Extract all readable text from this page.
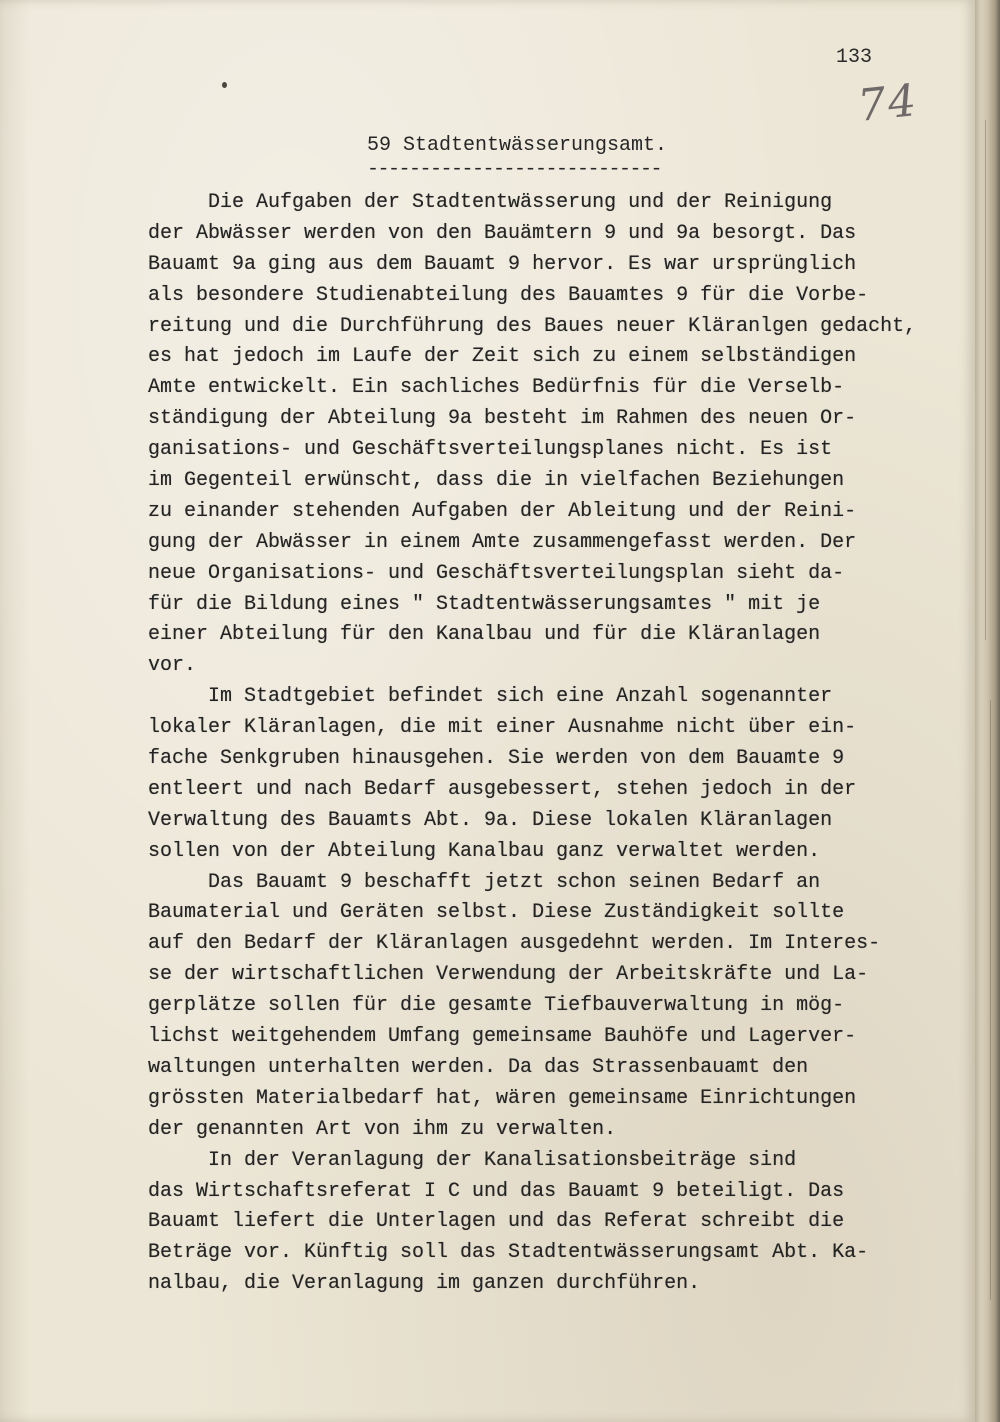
133
74
59 Stadtentwässerungsamt.
----------------------------
Die Aufgaben der Stadtentwässerung und der Reinigung
der Abwässer werden von den Bauämtern 9 und 9a besorgt. Das
Bauamt 9a ging aus dem Bauamt 9 hervor. Es war ursprünglich
als besondere Studienabteilung des Bauamtes 9 für die Vorbe-
reitung und die Durchführung des Baues neuer Kläranlgen gedacht,
es hat jedoch im Laufe der Zeit sich zu einem selbständigen
Amte entwickelt. Ein sachliches Bedürfnis für die Verselb-
ständigung der Abteilung 9a besteht im Rahmen des neuen Or-
ganisations- und Geschäftsverteilungsplanes nicht. Es ist
im Gegenteil erwünscht, dass die in vielfachen Beziehungen
zu einander stehenden Aufgaben der Ableitung und der Reini-
gung der Abwässer in einem Amte zusammengefasst werden. Der
neue Organisations- und Geschäftsverteilungsplan sieht da-
für die Bildung eines " Stadtentwässerungsamtes " mit je
einer Abteilung für den Kanalbau und für die Kläranlagen
vor.
Im Stadtgebiet befindet sich eine Anzahl sogenannter
lokaler Kläranlagen, die mit einer Ausnahme nicht über ein-
fache Senkgruben hinausgehen. Sie werden von dem Bauamte 9
entleert und nach Bedarf ausgebessert, stehen jedoch in der
Verwaltung des Bauamts Abt. 9a. Diese lokalen Kläranlagen
sollen von der Abteilung Kanalbau ganz verwaltet werden.
Das Bauamt 9 beschafft jetzt schon seinen Bedarf an
Baumaterial und Geräten selbst. Diese Zuständigkeit sollte
auf den Bedarf der Kläranlagen ausgedehnt werden. Im Interes-
se der wirtschaftlichen Verwendung der Arbeitskräfte und La-
gerplätze sollen für die gesamte Tiefbauverwaltung in mög-
lichst weitgehendem Umfang gemeinsame Bauhöfe und Lagerver-
waltungen unterhalten werden. Da das Strassenbauamt den
grössten Materialbedarf hat, wären gemeinsame Einrichtungen
der genannten Art von ihm zu verwalten.
In der Veranlagung der Kanalisationsbeiträge sind
das Wirtschaftsreferat I C und das Bauamt 9 beteiligt. Das
Bauamt liefert die Unterlagen und das Referat schreibt die
Beträge vor. Künftig soll das Stadtentwässerungsamt Abt. Ka-
nalbau, die Veranlagung im ganzen durchführen.
